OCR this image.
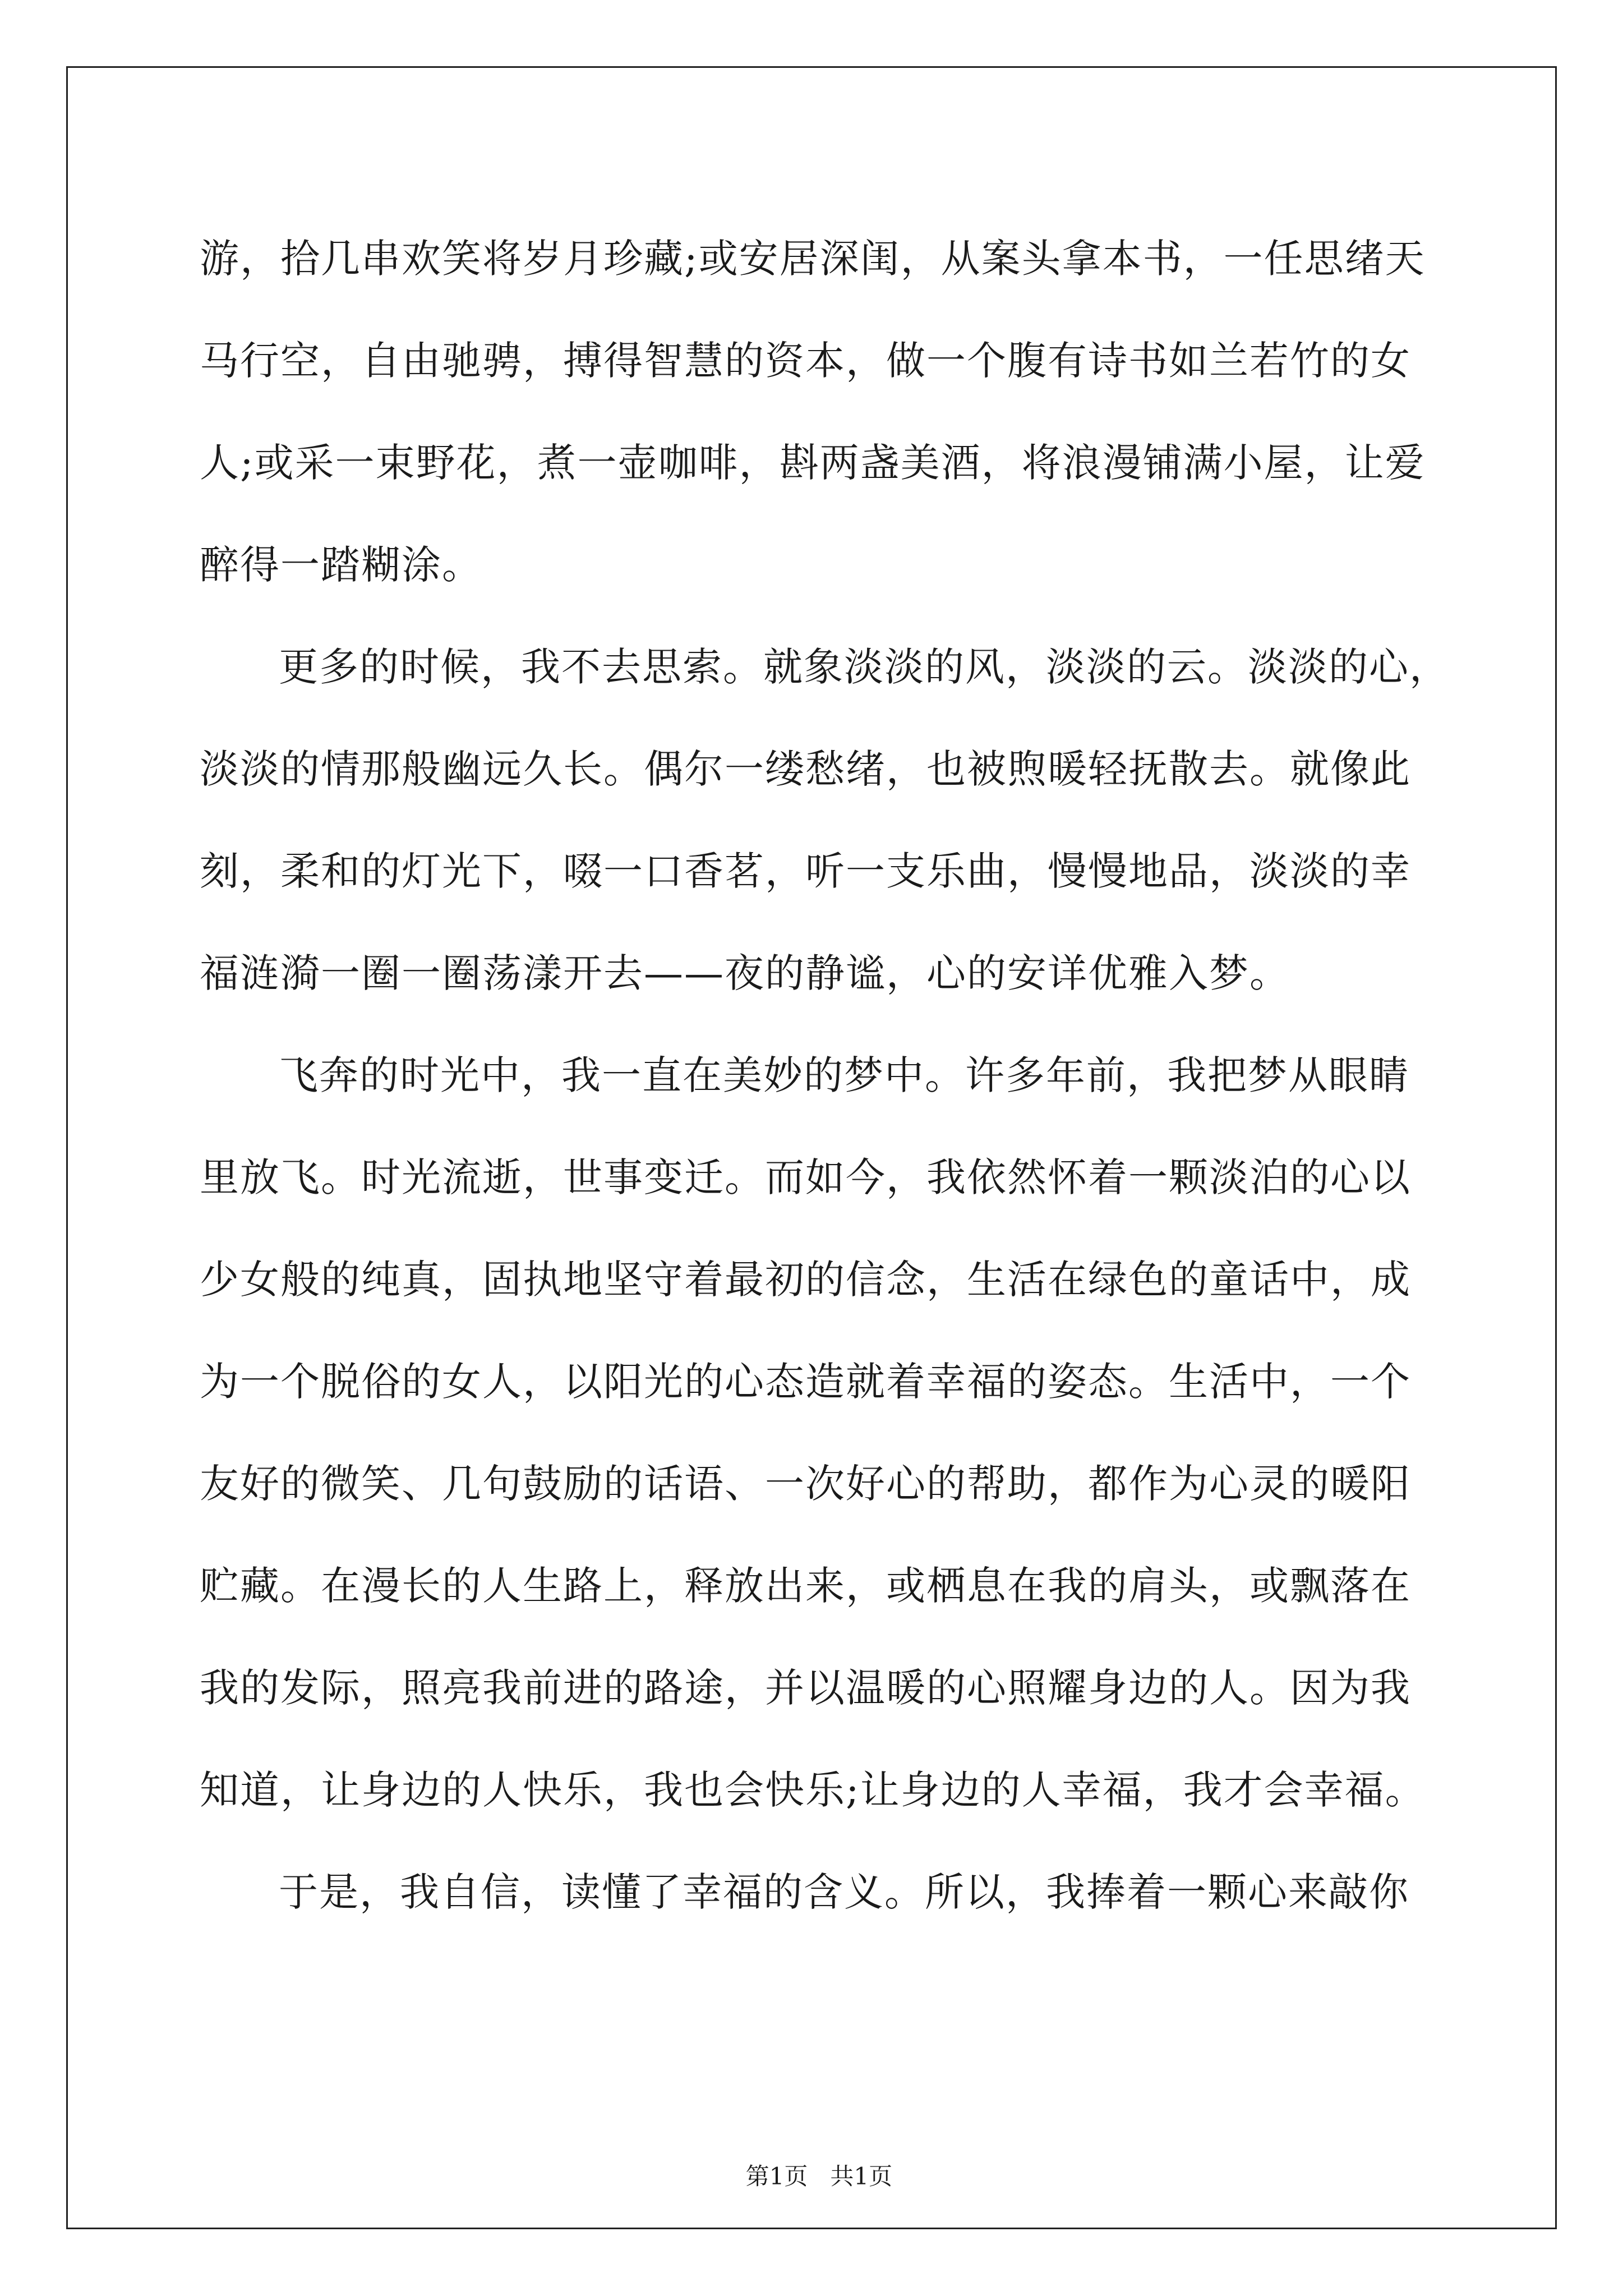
游，拾几串欢笑将岁月珍藏;或安居深闺，从案头拿本书，一任思绪天
马行空，自由驰骋，搏得智慧的资本，做一个腹有诗书如兰若竹的女
人;或采一束野花，煮一壶咖啡，斟两盏美酒，将浪漫铺满小屋，让爱
醉得一踏糊涂。
更多的时候，我不去思索。就象淡淡的风，淡淡的云。淡淡的心，
淡淡的情那般幽远久长。偶尔一缕愁绪，也被煦暖轻抚散去。就像此
刻，柔和的灯光下，啜一口香茗，听一支乐曲，慢慢地品，淡淡的幸
福涟漪一圈一圈荡漾开去——夜的静谧，心的安详优雅入梦。
飞奔的时光中，我一直在美妙的梦中。许多年前，我把梦从眼睛
里放飞。时光流逝，世事变迁。而如今，我依然怀着一颗淡泊的心以
少女般的纯真，固执地坚守着最初的信念，生活在绿色的童话中，成
为一个脱俗的女人，以阳光的心态造就着幸福的姿态。生活中，一个
友好的微笑、几句鼓励的话语、一次好心的帮助，都作为心灵的暖阳
贮藏。在漫长的人生路上，释放出来，或栖息在我的肩头，或飘落在
我的发际，照亮我前进的路途，并以温暖的心照耀身边的人。因为我
知道，让身边的人快乐，我也会快乐;让身边的人幸福，我才会幸福。
于是，我自信，读懂了幸福的含义。所以，我捧着一颗心来敲你

第1页   共1页
